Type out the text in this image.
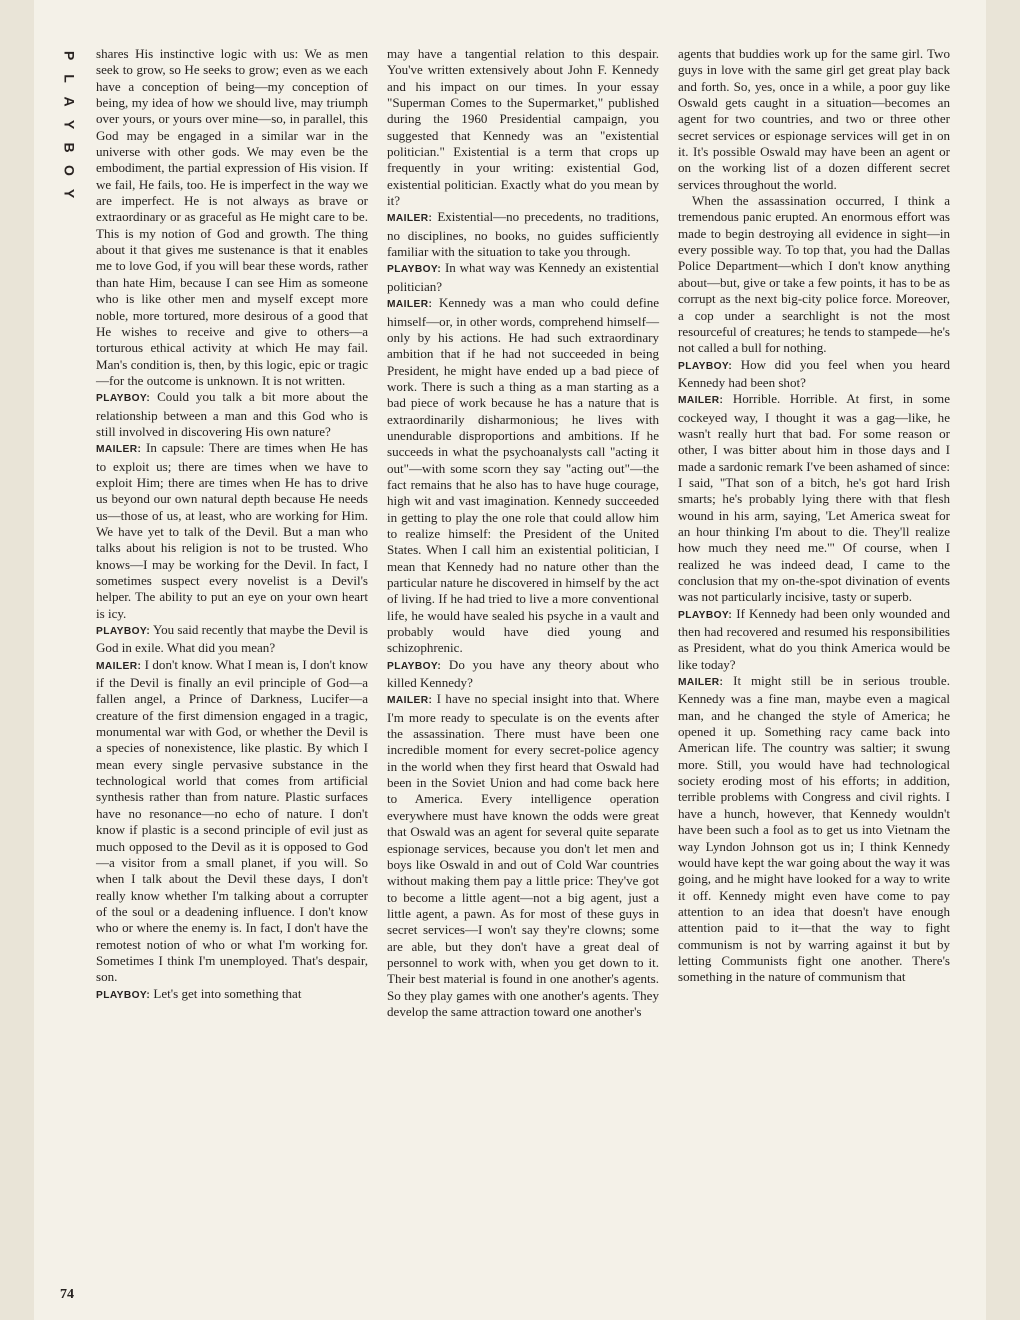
P
L
A
Y
B
O
Y

shares His instinctive logic with us: We as men seek to grow, so He seeks to grow; even as we each have a conception of being—my conception of being, my idea of how we should live, may triumph over yours, or yours over mine—so, in parallel, this God may be engaged in a similar war in the universe with other gods. We may even be the embodiment, the partial expression of His vision. If we fail, He fails, too. He is imperfect in the way we are imperfect. He is not always as brave or extraordinary or as graceful as He might care to be. This is my notion of God and growth. The thing about it that gives me sustenance is that it enables me to love God, if you will bear these words, rather than hate Him, because I can see Him as someone who is like other men and myself except more noble, more tortured, more desirous of a good that He wishes to receive and give to others—a torturous ethical activity at which He may fail. Man's condition is, then, by this logic, epic or tragic—for the outcome is unknown. It is not written.

PLAYBOY: Could you talk a bit more about the relationship between a man and this God who is still involved in discovering His own nature?

MAILER: In capsule: There are times when He has to exploit us; there are times when we have to exploit Him; there are times when He has to drive us beyond our own natural depth because He needs us—those of us, at least, who are working for Him. We have yet to talk of the Devil. But a man who talks about his religion is not to be trusted. Who knows—I may be working for the Devil. In fact, I sometimes suspect every novelist is a Devil's helper. The ability to put an eye on your own heart is icy.

PLAYBOY: You said recently that maybe the Devil is God in exile. What did you mean?

MAILER: I don't know. What I mean is, I don't know if the Devil is finally an evil principle of God—a fallen angel, a Prince of Darkness, Lucifer—a creature of the first dimension engaged in a tragic, monumental war with God, or whether the Devil is a species of nonexistence, like plastic. By which I mean every single pervasive substance in the technological world that comes from artificial synthesis rather than from nature. Plastic surfaces have no resonance—no echo of nature. I don't know if plastic is a second principle of evil just as much opposed to the Devil as it is opposed to God—a visitor from a small planet, if you will. So when I talk about the Devil these days, I don't really know whether I'm talking about a corrupter of the soul or a deadening influence. I don't know who or where the enemy is. In fact, I don't have the remotest notion of who or what I'm working for. Sometimes I think I'm unemployed. That's despair, son.

PLAYBOY: Let's get into something that

may have a tangential relation to this despair. You've written extensively about John F. Kennedy and his impact on our times. In your essay "Superman Comes to the Supermarket," published during the 1960 Presidential campaign, you suggested that Kennedy was an "existential politician." Existential is a term that crops up frequently in your writing: existential God, existential politician. Exactly what do you mean by it?

MAILER: Existential—no precedents, no traditions, no disciplines, no books, no guides sufficiently familiar with the situation to take you through.

PLAYBOY: In what way was Kennedy an existential politician?

MAILER: Kennedy was a man who could define himself—or, in other words, comprehend himself—only by his actions. He had such extraordinary ambition that if he had not succeeded in being President, he might have ended up a bad piece of work. There is such a thing as a man starting as a bad piece of work because he has a nature that is extraordinarily disharmonious; he lives with unendurable disproportions and ambitions. If he succeeds in what the psychoanalysts call "acting it out"—with some scorn they say "acting out"—the fact remains that he also has to have huge courage, high wit and vast imagination. Kennedy succeeded in getting to play the one role that could allow him to realize himself: the President of the United States. When I call him an existential politician, I mean that Kennedy had no nature other than the particular nature he discovered in himself by the act of living. If he had tried to live a more conventional life, he would have sealed his psyche in a vault and probably would have died young and schizophrenic.

PLAYBOY: Do you have any theory about who killed Kennedy?

MAILER: I have no special insight into that. Where I'm more ready to speculate is on the events after the assassination. There must have been one incredible moment for every secret-police agency in the world when they first heard that Oswald had been in the Soviet Union and had come back here to America. Every intelligence operation everywhere must have known the odds were great that Oswald was an agent for several quite separate espionage services, because you don't let men and boys like Oswald in and out of Cold War countries without making them pay a little price: They've got to become a little agent—not a big agent, just a little agent, a pawn. As for most of these guys in secret services—I won't say they're clowns; some are able, but they don't have a great deal of personnel to work with, when you get down to it. Their best material is found in one another's agents. So they play games with one another's agents. They develop the same attraction toward one another's

agents that buddies work up for the same girl. Two guys in love with the same girl get great play back and forth. So, yes, once in a while, a poor guy like Oswald gets caught in a situation—becomes an agent for two countries, and two or three other secret services or espionage services will get in on it. It's possible Oswald may have been an agent or on the working list of a dozen different secret services throughout the world.

When the assassination occurred, I think a tremendous panic erupted. An enormous effort was made to begin destroying all evidence in sight—in every possible way. To top that, you had the Dallas Police Department—which I don't know anything about—but, give or take a few points, it has to be as corrupt as the next big-city police force. Moreover, a cop under a searchlight is not the most resourceful of creatures; he tends to stampede—he's not called a bull for nothing.

PLAYBOY: How did you feel when you heard Kennedy had been shot?

MAILER: Horrible. Horrible. At first, in some cockeyed way, I thought it was a gag—like, he wasn't really hurt that bad. For some reason or other, I was bitter about him in those days and I made a sardonic remark I've been ashamed of since: I said, "That son of a bitch, he's got hard Irish smarts; he's probably lying there with that flesh wound in his arm, saying, 'Let America sweat for an hour thinking I'm about to die. They'll realize how much they need me.'" Of course, when I realized he was indeed dead, I came to the conclusion that my on-the-spot divination of events was not particularly incisive, tasty or superb.

PLAYBOY: If Kennedy had been only wounded and then had recovered and resumed his responsibilities as President, what do you think America would be like today?

MAILER: It might still be in serious trouble. Kennedy was a fine man, maybe even a magical man, and he changed the style of America; he opened it up. Something racy came back into American life. The country was saltier; it swung more. Still, you would have had technological society eroding most of his efforts; in addition, terrible problems with Congress and civil rights. I have a hunch, however, that Kennedy wouldn't have been such a fool as to get us into Vietnam the way Lyndon Johnson got us in; I think Kennedy would have kept the war going about the way it was going, and he might have looked for a way to write it off. Kennedy might even have come to pay attention to an idea that doesn't have enough attention paid to it—that the way to fight communism is not by warring against it but by letting Communists fight one another. There's something in the nature of communism that

74
